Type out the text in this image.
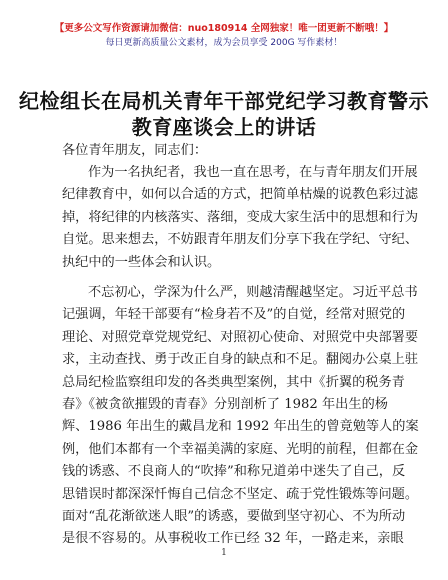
【更多公文写作资源请加微信：nuo180914 全网独家！唯一团更新不断哦！】
每日更新高质量公文素材，成为会员享受 200G 写作素材！
纪检组长在局机关青年干部党纪学习教育警示
教育座谈会上的讲话
各位青年朋友，同志们：
作为一名执纪者，我也一直在思考，在与青年朋友们开展
纪律教育中，如何以合适的方式，把简单枯燥的说教色彩过滤
掉，将纪律的内核落实、落细，变成大家生活中的思想和行为
自觉。思来想去，不妨跟青年朋友们分享下我在学纪、守纪、
执纪中的一些体会和认识。
不忘初心，学深为什么严，则越清醒越坚定。习近平总书
记强调，年轻干部要有“检身若不及”的自觉，经常对照党的
理论、对照党章党规党纪、对照初心使命、对照党中央部署要
求，主动查找、勇于改正自身的缺点和不足。翻阅办公桌上驻
总局纪检监察组印发的各类典型案例，其中《折翼的税务青
春》《被贪欲摧毁的青春》分别剖析了 1982 年出生的杨
辉、1986 年出生的戴昌龙和 1992 年出生的曾竟勉等人的案
例，他们本都有一个幸福美满的家庭、光明的前程，但都在金
钱的诱惑、不良商人的“吹捧”和称兄道弟中迷失了自己，反
思错误时都深深忏悔自己信念不坚定、疏于党性锻炼等问题。
面对“乱花渐欲迷人眼”的诱惑，要做到坚守初心、不为所动
是很不容易的。从事税收工作已经 32 年，一路走来，亲眼
1
